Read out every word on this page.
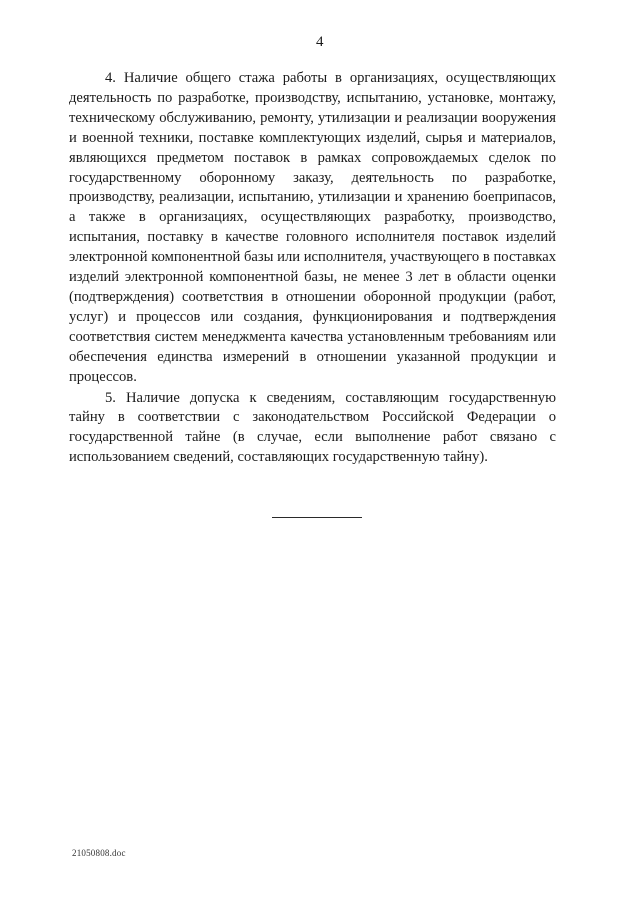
4

4. Наличие общего стажа работы в организациях, осуществляющих деятельность по разработке, производству, испытанию, установке, монтажу, техническому обслуживанию, ремонту, утилизации и реализации вооружения и военной техники, поставке комплектующих изделий, сырья и материалов, являющихся предметом поставок в рамках сопровождаемых сделок по государственному оборонному заказу, деятельность по разработке, производству, реализации, испытанию, утилизации и хранению боеприпасов, а также в организациях, осуществляющих разработку, производство, испытания, поставку в качестве головного исполнителя поставок изделий электронной компонентной базы или исполнителя, участвующего в поставках изделий электронной компонентной базы, не менее 3 лет в области оценки (подтверждения) соответствия в отношении оборонной продукции (работ, услуг) и процессов или создания, функционирования и подтверждения соответствия систем менеджмента качества установленным требованиям или обеспечения единства измерений в отношении указанной продукции и процессов.

5. Наличие допуска к сведениям, составляющим государственную тайну в соответствии с законодательством Российской Федерации о государственной тайне (в случае, если выполнение работ связано с использованием сведений, составляющих государственную тайну).

21050808.doc
